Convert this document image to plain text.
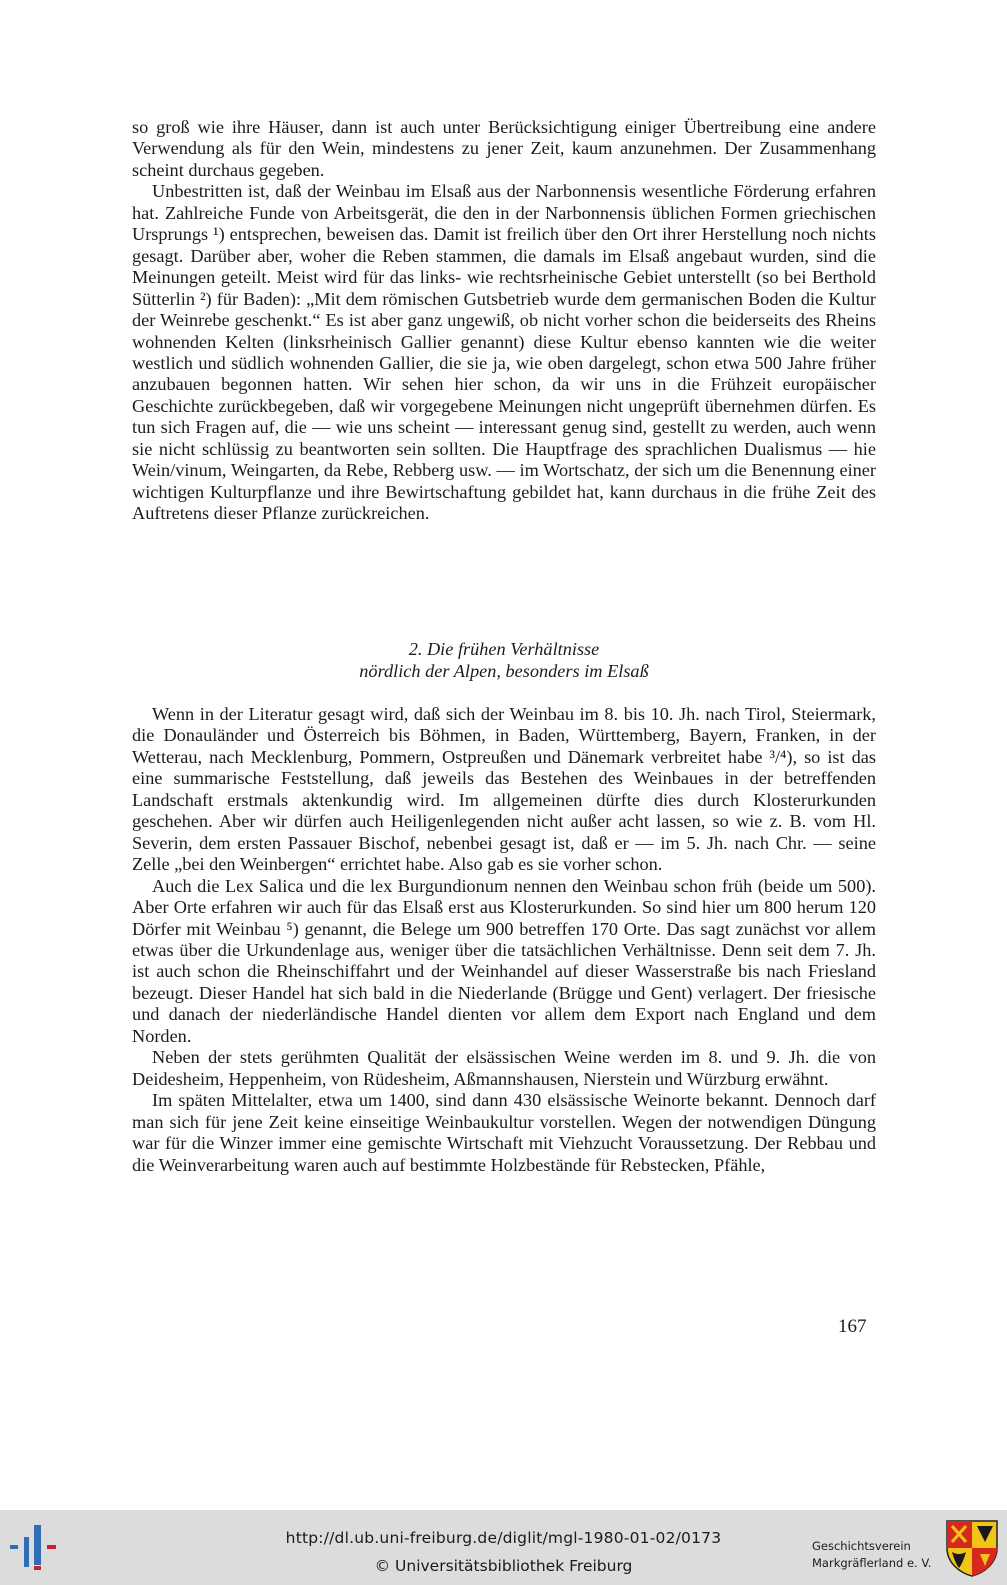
so groß wie ihre Häuser, dann ist auch unter Berücksichtigung einiger Übertreibung eine andere Verwendung als für den Wein, mindestens zu jener Zeit, kaum anzunehmen. Der Zusammenhang scheint durchaus gegeben.

Unbestritten ist, daß der Weinbau im Elsaß aus der Narbonnensis wesentliche Förderung erfahren hat. Zahlreiche Funde von Arbeitsgerät, die den in der Narbonnensis üblichen Formen griechischen Ursprungs ¹) entsprechen, beweisen das. Damit ist freilich über den Ort ihrer Herstellung noch nichts gesagt. Darüber aber, woher die Reben stammen, die damals im Elsaß angebaut wurden, sind die Meinungen geteilt. Meist wird für das links- wie rechtsrheinische Gebiet unterstellt (so bei Berthold Sütterlin ²) für Baden): „Mit dem römischen Gutsbetrieb wurde dem germanischen Boden die Kultur der Weinrebe geschenkt.“ Es ist aber ganz ungewiß, ob nicht vorher schon die beiderseits des Rheins wohnenden Kelten (linksrheinisch Gallier genannt) diese Kultur ebenso kannten wie die weiter westlich und südlich wohnenden Gallier, die sie ja, wie oben dargelegt, schon etwa 500 Jahre früher anzubauen begonnen hatten. Wir sehen hier schon, da wir uns in die Frühzeit europäischer Geschichte zurückbegeben, daß wir vorgegebene Meinungen nicht ungeprüft übernehmen dürfen. Es tun sich Fragen auf, die — wie uns scheint — interessant genug sind, gestellt zu werden, auch wenn sie nicht schlüssig zu beantworten sein sollten. Die Hauptfrage des sprachlichen Dualismus — hie Wein/vinum, Weingarten, da Rebe, Rebberg usw. — im Wortschatz, der sich um die Benennung einer wichtigen Kulturpflanze und ihre Bewirtschaftung gebildet hat, kann durchaus in die frühe Zeit des Auftretens dieser Pflanze zurückreichen.

2. Die frühen Verhältnisse
nördlich der Alpen, besonders im Elsaß

Wenn in der Literatur gesagt wird, daß sich der Weinbau im 8. bis 10. Jh. nach Tirol, Steiermark, die Donauländer und Österreich bis Böhmen, in Baden, Württemberg, Bayern, Franken, in der Wetterau, nach Mecklenburg, Pommern, Ostpreußen und Dänemark verbreitet habe ³/⁴), so ist das eine summarische Feststellung, daß jeweils das Bestehen des Weinbaues in der betreffenden Landschaft erstmals aktenkundig wird. Im allgemeinen dürfte dies durch Klosterurkunden geschehen. Aber wir dürfen auch Heiligenlegenden nicht außer acht lassen, so wie z. B. vom Hl. Severin, dem ersten Passauer Bischof, nebenbei gesagt ist, daß er — im 5. Jh. nach Chr. — seine Zelle „bei den Weinbergen“ errichtet habe. Also gab es sie vorher schon.

Auch die Lex Salica und die lex Burgundionum nennen den Weinbau schon früh (beide um 500). Aber Orte erfahren wir auch für das Elsaß erst aus Klosterurkunden. So sind hier um 800 herum 120 Dörfer mit Weinbau ⁵) genannt, die Belege um 900 betreffen 170 Orte. Das sagt zunächst vor allem etwas über die Urkundenlage aus, weniger über die tatsächlichen Verhältnisse. Denn seit dem 7. Jh. ist auch schon die Rheinschiffahrt und der Weinhandel auf dieser Wasserstraße bis nach Friesland bezeugt. Dieser Handel hat sich bald in die Niederlande (Brügge und Gent) verlagert. Der friesische und danach der niederländische Handel dienten vor allem dem Export nach England und dem Norden.

Neben der stets gerühmten Qualität der elsässischen Weine werden im 8. und 9. Jh. die von Deidesheim, Heppenheim, von Rüdesheim, Aßmannshausen, Nierstein und Würzburg erwähnt.

Im späten Mittelalter, etwa um 1400, sind dann 430 elsässische Weinorte bekannt. Dennoch darf man sich für jene Zeit keine einseitige Weinbaukultur vorstellen. Wegen der notwendigen Düngung war für die Winzer immer eine gemischte Wirtschaft mit Viehzucht Voraussetzung. Der Rebbau und die Weinverarbeitung waren auch auf bestimmte Holzbestände für Rebstecken, Pfähle,

167
http://dl.ub.uni-freiburg.de/diglit/mgl-1980-01-02/0173
© Universitätsbibliothek Freiburg
Geschichtsverein
Markgräflerland e. V.
